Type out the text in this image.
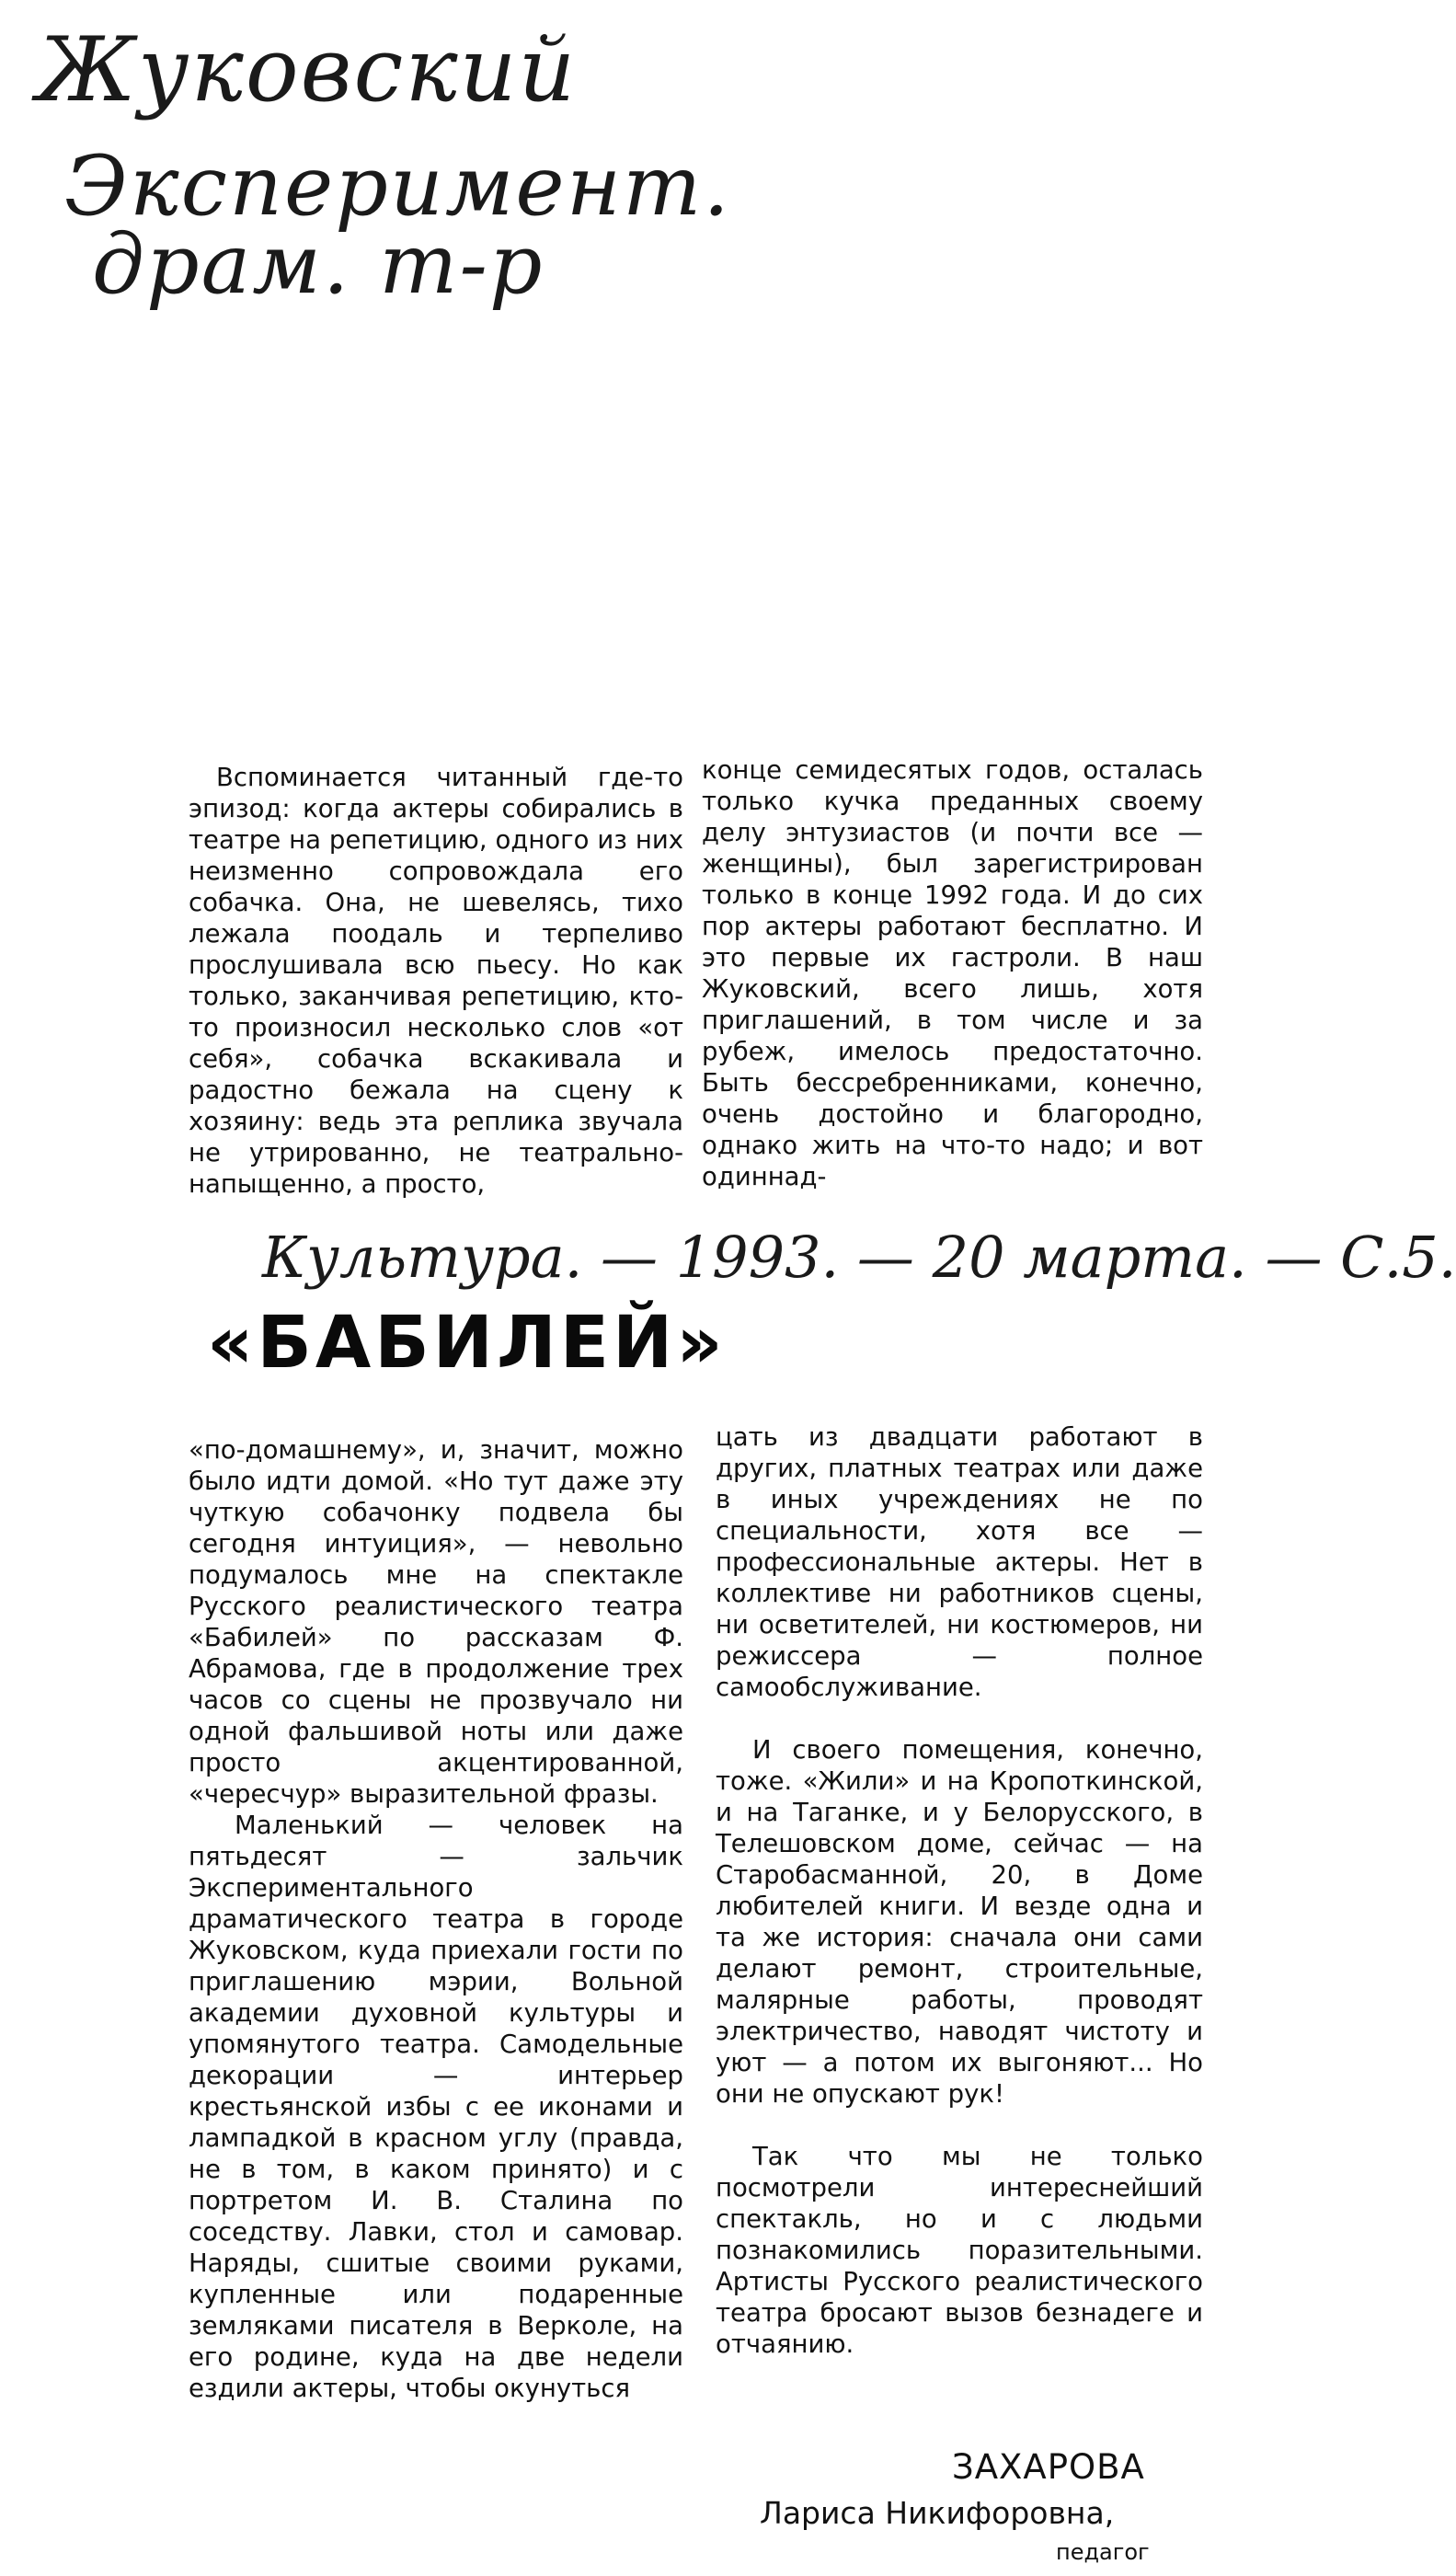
Жуковский
Эксперимент.
драм. т-р

Вспоминается читанный где-то эпизод: когда актеры собирались в театре на репетицию, одного из них неизменно сопровождала его собачка. Она, не шевелясь, тихо лежала поодаль и терпеливо прослушивала всю пьесу. Но как только, заканчивая репетицию, кто-то произносил несколько слов «от себя», собачка вскакивала и радостно бежала на сцену к хозяину: ведь эта реплика звучала не утрированно, не театрально-напыщенно, а просто,

конце семидесятых годов, осталась только кучка преданных своему делу энтузиастов (и почти все — женщины), был зарегистрирован только в конце 1992 года. И до сих пор актеры работают бесплатно. И это первые их гастроли. В наш Жуковский, всего лишь, хотя приглашений, в том числе и за рубеж, имелось предостаточно. Быть бессребренниками, конечно, очень достойно и благородно, однако жить на что-то надо; и вот одиннад-

Культура. — 1993. — 20 марта. — С.5.
«БАБИЛЕЙ»

«по-домашнему», и, значит, можно было идти домой. «Но тут даже эту чуткую собачонку подвела бы сегодня интуиция», — невольно подумалось мне на спектакле Русского реалистического театра «Бабилей» по рассказам Ф. Абрамова, где в продолжение трех часов со сцены не прозвучало ни одной фальшивой ноты или даже просто акцентированной, «чересчур» выразительной фразы.

Маленький — человек на пятьдесят — зальчик Экспериментального драматического театра в городе Жуковском, куда приехали гости по приглашению мэрии, Вольной академии духовной культуры и упомянутого театра. Самодельные декорации — интерьер крестьянской избы с ее иконами и лампадкой в красном углу (правда, не в том, в каком принято) и с портретом И. В. Сталина по соседству. Лавки, стол и самовар. Наряды, сшитые своими руками, купленные или подаренные земляками писателя в Верколе, на его родине, куда на две недели ездили актеры, чтобы окунуться

цать из двадцати работают в других, платных театрах или даже в иных учреждениях не по специальности, хотя все — профессиональные актеры. Нет в коллективе ни работников сцены, ни осветителей, ни костюмеров, ни режиссера — полное самообслуживание.

И своего помещения, конечно, тоже. «Жили» и на Кропоткинской, и на Таганке, и у Белорусского, в Телешовском доме, сейчас — на Старобасманной, 20, в Доме любителей книги. И везде одна и та же история: сначала они сами делают ремонт, строительные, малярные работы, проводят электричество, наводят чистоту и уют — а потом их выгоняют... Но они не опускают рук!

Так что мы не только посмотрели интереснейший спектакль, но и с людьми познакомились поразительными. Артисты Русского реалистического театра бросают вызов безнадеге и отчаянию.

ЗАХАРОВА
Лариса Никифоровна,
педагог
